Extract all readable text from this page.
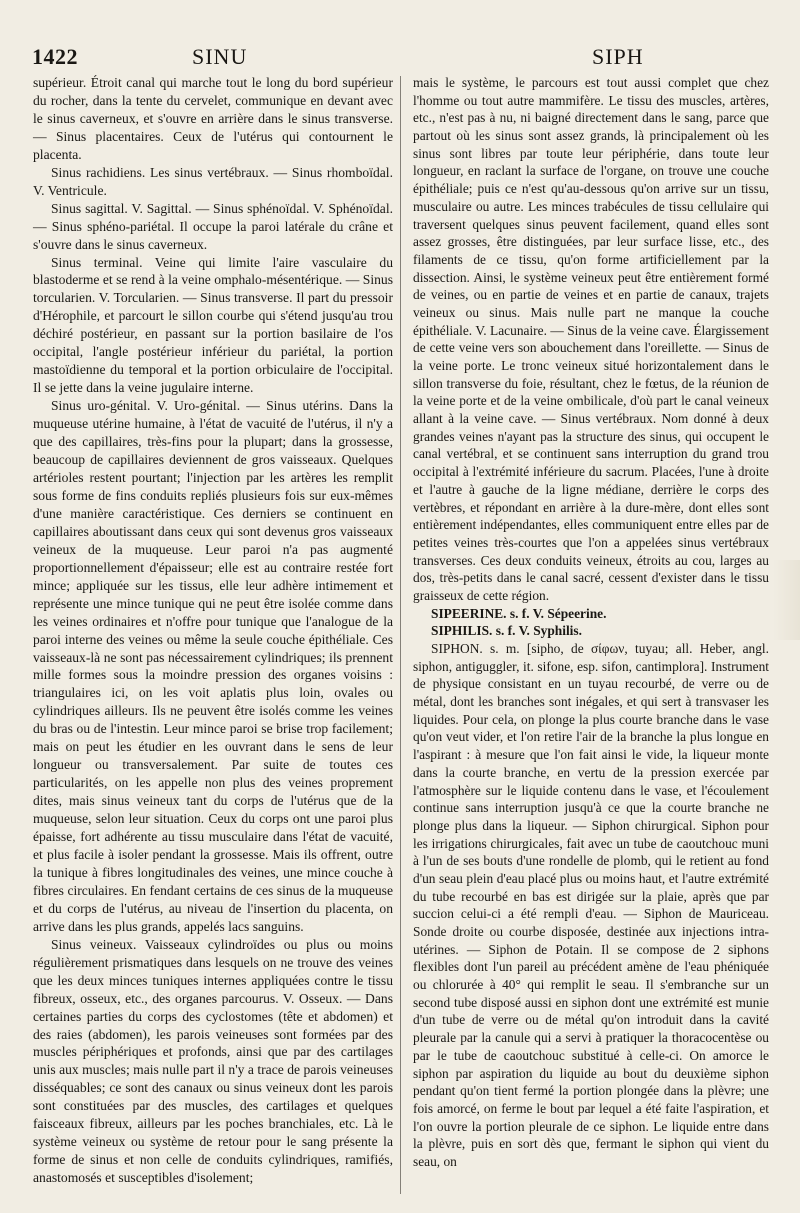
1422	SINU	SIPH

supérieur. Étroit canal qui marche tout le long du bord supérieur du rocher, dans la tente du cervelet, communique en devant avec le sinus caverneux, et s'ouvre en arrière dans le sinus transverse. — Sinus placentaires. Ceux de l'utérus qui contournent le placenta.

Sinus rachidiens. Les sinus vertébraux. — Sinus rhomboïdal. V. Ventricule.

Sinus sagittal. V. Sagittal. — Sinus sphénoïdal. V. Sphénoïdal. — Sinus sphéno-pariétal. Il occupe la paroi latérale du crâne et s'ouvre dans le sinus caverneux.

Sinus terminal. Veine qui limite l'aire vasculaire du blastoderme et se rend à la veine omphalo-mésentérique. — Sinus torcularien. V. Torcularien. — Sinus transverse. Il part du pressoir d'Hérophile, et parcourt le sillon courbe qui s'étend jusqu'au trou déchiré postérieur, en passant sur la portion basilaire de l'os occipital, l'angle postérieur inférieur du pariétal, la portion mastoïdienne du temporal et la portion orbiculaire de l'occipital. Il se jette dans la veine jugulaire interne.

Sinus uro-génital. V. Uro-génital. — Sinus utérins. Dans la muqueuse utérine humaine, à l'état de vacuité de l'utérus, il n'y a que des capillaires, très-fins pour la plupart; dans la grossesse, beaucoup de capillaires deviennent de gros vaisseaux. Quelques artérioles restent pourtant; l'injection par les artères les remplit sous forme de fins conduits repliés plusieurs fois sur eux-mêmes d'une manière caractéristique. Ces derniers se continuent en capillaires aboutissant dans ceux qui sont devenus gros vaisseaux veineux de la muqueuse. Leur paroi n'a pas augmenté proportionnellement d'épaisseur; elle est au contraire restée fort mince; appliquée sur les tissus, elle leur adhère intimement et représente une mince tunique qui ne peut être isolée comme dans les veines ordinaires et n'offre pour tunique que l'analogue de la paroi interne des veines ou même la seule couche épithéliale. Ces vaisseaux-là ne sont pas nécessairement cylindriques; ils prennent mille formes sous la moindre pression des organes voisins : triangulaires ici, on les voit aplatis plus loin, ovales ou cylindriques ailleurs. Ils ne peuvent être isolés comme les veines du bras ou de l'intestin. Leur mince paroi se brise trop facilement; mais on peut les étudier en les ouvrant dans le sens de leur longueur ou transversalement. Par suite de toutes ces particularités, on les appelle non plus des veines proprement dites, mais sinus veineux tant du corps de l'utérus que de la muqueuse, selon leur situation. Ceux du corps ont une paroi plus épaisse, fort adhérente au tissu musculaire dans l'état de vacuité, et plus facile à isoler pendant la grossesse. Mais ils offrent, outre la tunique à fibres longitudinales des veines, une mince couche à fibres circulaires. En fendant certains de ces sinus de la muqueuse et du corps de l'utérus, au niveau de l'insertion du placenta, on arrive dans les plus grands, appelés lacs sanguins.

Sinus veineux. Vaisseaux cylindroïdes ou plus ou moins régulièrement prismatiques dans lesquels on ne trouve des veines que les deux minces tuniques internes appliquées contre le tissu fibreux, osseux, etc., des organes parcourus. V. Osseux. — Dans certaines parties du corps des cyclostomes (tête et abdomen) et des raies (abdomen), les parois veineuses sont formées par des muscles périphériques et profonds, ainsi que par des cartilages unis aux muscles; mais nulle part il n'y a trace de parois veineuses disséquables; ce sont des canaux ou sinus veineux dont les parois sont constituées par des muscles, des cartilages et quelques faisceaux fibreux, ailleurs par les poches branchiales, etc. Là le système veineux ou système de retour pour le sang présente la forme de sinus et non celle de conduits cylindriques, ramifiés, anastomosés et susceptibles d'isolement;

mais le système, le parcours est tout aussi complet que chez l'homme ou tout autre mammifère. Le tissu des muscles, artères, etc., n'est pas à nu, ni baigné directement dans le sang, parce que partout où les sinus sont assez grands, là principalement où les sinus sont libres par toute leur périphérie, dans toute leur longueur, en raclant la surface de l'organe, on trouve une couche épithéliale; puis ce n'est qu'au-dessous qu'on arrive sur un tissu, musculaire ou autre. Les minces trabécules de tissu cellulaire qui traversent quelques sinus peuvent facilement, quand elles sont assez grosses, être distinguées, par leur surface lisse, etc., des filaments de ce tissu, qu'on forme artificiellement par la dissection. Ainsi, le système veineux peut être entièrement formé de veines, ou en partie de veines et en partie de canaux, trajets veineux ou sinus. Mais nulle part ne manque la couche épithéliale. V. Lacunaire. — Sinus de la veine cave. Élargissement de cette veine vers son abouchement dans l'oreillette. — Sinus de la veine porte. Le tronc veineux situé horizontalement dans le sillon transverse du foie, résultant, chez le fœtus, de la réunion de la veine porte et de la veine ombilicale, d'où part le canal veineux allant à la veine cave. — Sinus vertébraux. Nom donné à deux grandes veines n'ayant pas la structure des sinus, qui occupent le canal vertébral, et se continuent sans interruption du grand trou occipital à l'extrémité inférieure du sacrum. Placées, l'une à droite et l'autre à gauche de la ligne médiane, derrière le corps des vertèbres, et répondant en arrière à la dure-mère, dont elles sont entièrement indépendantes, elles communiquent entre elles par de petites veines très-courtes que l'on a appelées sinus vertébraux transverses. Ces deux conduits veineux, étroits au cou, larges au dos, très-petits dans le canal sacré, cessent d'exister dans le tissu graisseux de cette région.

SIPEERINE. s. f. V. Sépeerine.

SIPHILIS. s. f. V. Syphilis.

SIPHON. s. m. [sipho, de σίφων, tuyau; all. Heber, angl. siphon, antiguggler, it. sifone, esp. sifon, cantimplora]. Instrument de physique consistant en un tuyau recourbé, de verre ou de métal, dont les branches sont inégales, et qui sert à transvaser les liquides. Pour cela, on plonge la plus courte branche dans le vase qu'on veut vider, et l'on retire l'air de la branche la plus longue en l'aspirant : à mesure que l'on fait ainsi le vide, la liqueur monte dans la courte branche, en vertu de la pression exercée par l'atmosphère sur le liquide contenu dans le vase, et l'écoulement continue sans interruption jusqu'à ce que la courte branche ne plonge plus dans la liqueur. — Siphon chirurgical. Siphon pour les irrigations chirurgicales, fait avec un tube de caoutchouc muni à l'un de ses bouts d'une rondelle de plomb, qui le retient au fond d'un seau plein d'eau placé plus ou moins haut, et l'autre extrémité du tube recourbé en bas est dirigée sur la plaie, après que par succion celui-ci a été rempli d'eau. — Siphon de Mauriceau. Sonde droite ou courbe disposée, destinée aux injections intra-utérines. — Siphon de Potain. Il se compose de 2 siphons flexibles dont l'un pareil au précédent amène de l'eau phéniquée ou chlorurée à 40° qui remplit le seau. Il s'embranche sur un second tube disposé aussi en siphon dont une extrémité est munie d'un tube de verre ou de métal qu'on introduit dans la cavité pleurale par la canule qui a servi à pratiquer la thoracocentèse ou par le tube de caoutchouc substitué à celle-ci. On amorce le siphon par aspiration du liquide au bout du deuxième siphon pendant qu'on tient fermé la portion plongée dans la plèvre; une fois amorcé, on ferme le bout par lequel a été faite l'aspiration, et l'on ouvre la portion pleurale de ce siphon. Le liquide entre dans la plèvre, puis en sort dès que, fermant le siphon qui vient du seau, on
